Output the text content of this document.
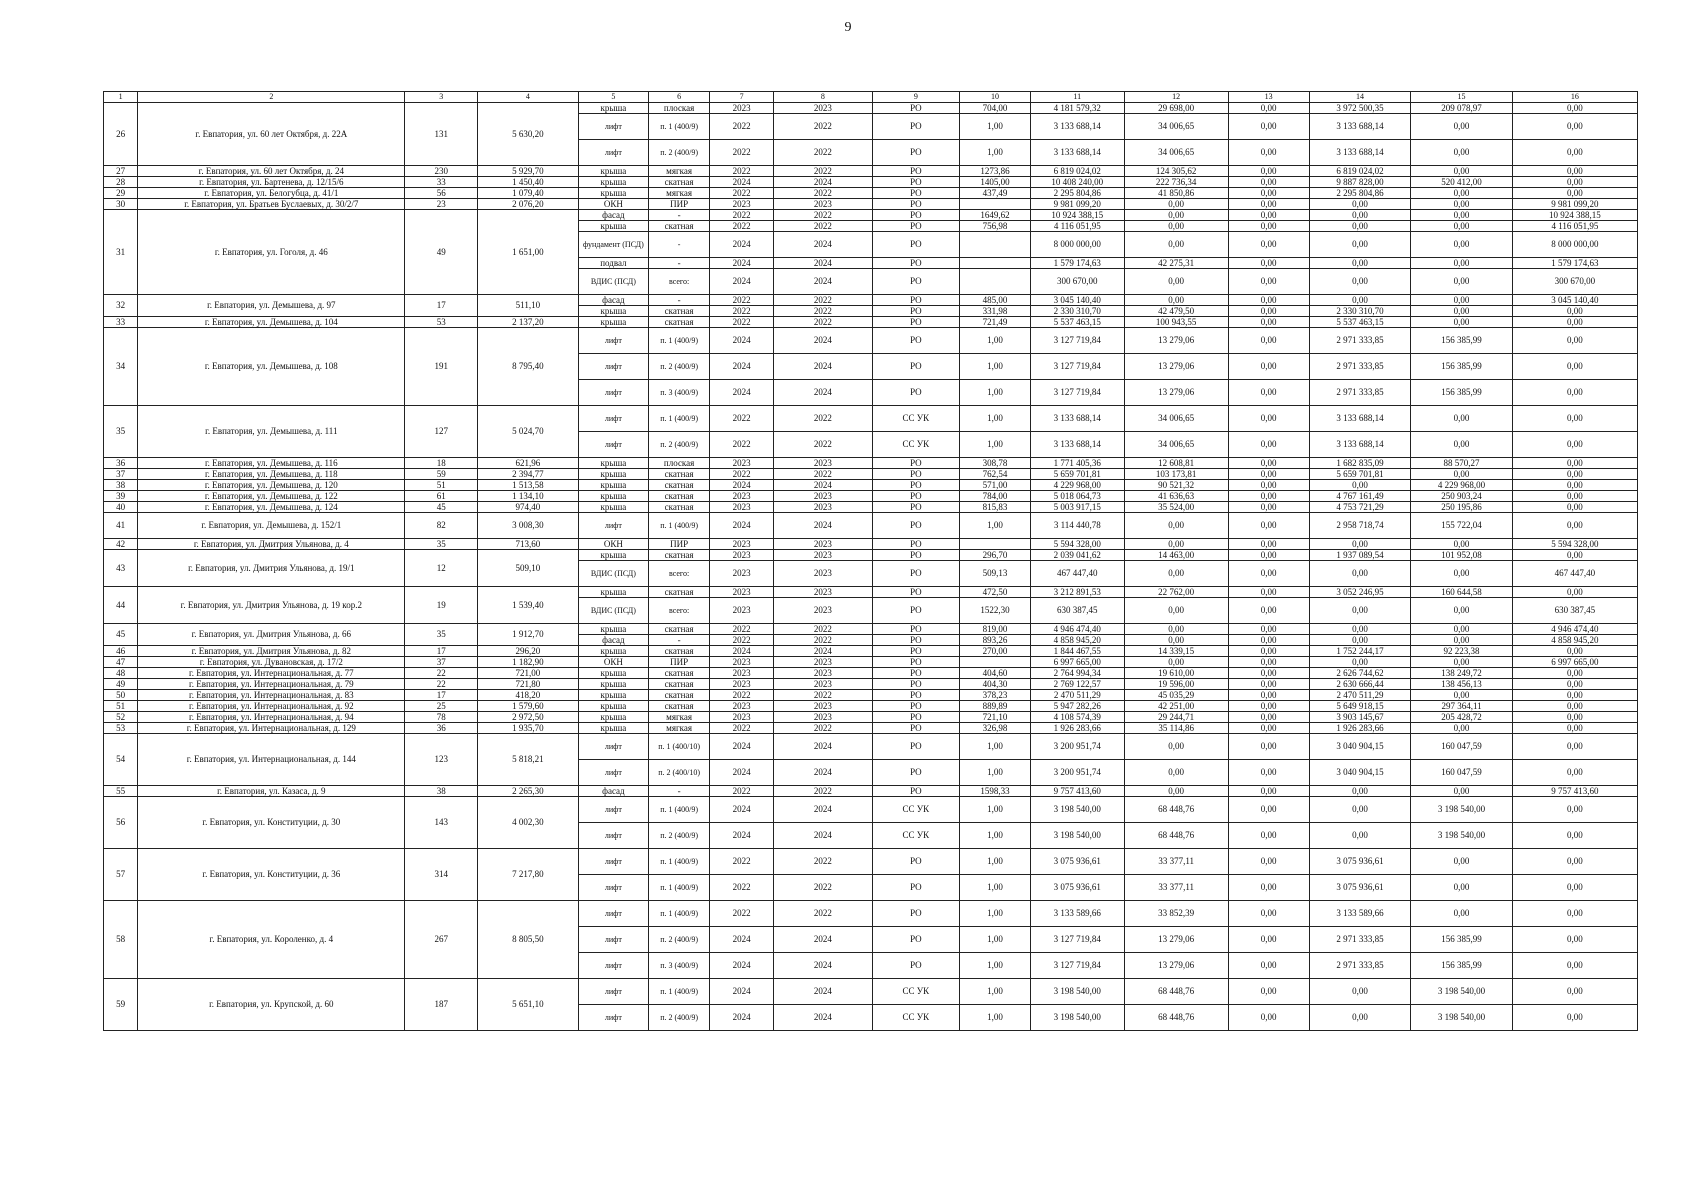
9
1	2	3	4	5	6	7	8	9	10	11	12	13	14	15	16
26	г. Евпатория, ул. 60 лет Октября, д. 22А	131	5 630,20	крыша	плоская	2023	2023	РО	704,00	4 181 579,32	29 698,00	0,00	3 972 500,35	209 078,97	0,00
				лифт	п. 1 (400/9)	2022	2022	РО	1,00	3 133 688,14	34 006,65	0,00	3 133 688,14	0,00	0,00
				лифт	п. 2 (400/9)	2022	2022	РО	1,00	3 133 688,14	34 006,65	0,00	3 133 688,14	0,00	0,00
27	г. Евпатория, ул. 60 лет Октября, д. 24	230	5 929,70	крыша	мягкая	2022	2022	РО	1273,86	6 819 024,02	124 305,62	0,00	6 819 024,02	0,00	0,00
28	г. Евпатория, ул. Бартенева, д. 12/15/6	33	1 450,40	крыша	скатная	2024	2024	РО	1405,00	10 408 240,00	222 736,34	0,00	9 887 828,00	520 412,00	0,00
29	г. Евпатория, ул. Белогубца, д. 41/1	56	1 079,40	крыша	мягкая	2022	2022	РО	437,49	2 295 804,86	41 850,86	0,00	2 295 804,86	0,00	0,00
30	г. Евпатория, ул. Братьев Буслаевых, д. 30/2/7	23	2 076,20	ОКН	ПИР	2023	2023	РО		9 981 099,20	0,00	0,00	0,00	0,00	9 981 099,20
31	г. Евпатория, ул. Гоголя, д. 46	49	1 651,00	фасад	-	2022	2022	РО	1649,62	10 924 388,15	0,00	0,00	0,00	0,00	10 924 388,15
				крыша	скатная	2022	2022	РО	756,98	4 116 051,95	0,00	0,00	0,00	0,00	4 116 051,95
				фундамент (ПСД)	-	2024	2024	РО		8 000 000,00	0,00	0,00	0,00	0,00	8 000 000,00
				подвал	-	2024	2024	РО		1 579 174,63	42 275,31	0,00	0,00	0,00	1 579 174,63
				ВДИС (ПСД)	всего:	2024	2024	РО		300 670,00	0,00	0,00	0,00	0,00	300 670,00
32	г. Евпатория, ул. Демышева, д. 97	17	511,10	фасад	-	2022	2022	РО	485,00	3 045 140,40	0,00	0,00	0,00	0,00	3 045 140,40
				крыша	скатная	2022	2022	РО	331,98	2 330 310,70	42 479,50	0,00	2 330 310,70	0,00	0,00
33	г. Евпатория, ул. Демышева, д. 104	53	2 137,20	крыша	скатная	2022	2022	РО	721,49	5 537 463,15	100 943,55	0,00	5 537 463,15	0,00	0,00
34	г. Евпатория, ул. Демышева, д. 108	191	8 795,40	лифт	п. 1 (400/9)	2024	2024	РО	1,00	3 127 719,84	13 279,06	0,00	2 971 333,85	156 385,99	0,00
				лифт	п. 2 (400/9)	2024	2024	РО	1,00	3 127 719,84	13 279,06	0,00	2 971 333,85	156 385,99	0,00
				лифт	п. 3 (400/9)	2024	2024	РО	1,00	3 127 719,84	13 279,06	0,00	2 971 333,85	156 385,99	0,00
35	г. Евпатория, ул. Демышева, д. 111	127	5 024,70	лифт	п. 1 (400/9)	2022	2022	СС УК	1,00	3 133 688,14	34 006,65	0,00	3 133 688,14	0,00	0,00
				лифт	п. 2 (400/9)	2022	2022	СС УК	1,00	3 133 688,14	34 006,65	0,00	3 133 688,14	0,00	0,00
36	г. Евпатория, ул. Демышева, д. 116	18	621,96	крыша	плоская	2023	2023	РО	308,78	1 771 405,36	12 608,81	0,00	1 682 835,09	88 570,27	0,00
37	г. Евпатория, ул. Демышева, д. 118	59	2 394,77	крыша	скатная	2022	2022	РО	762,54	5 659 701,81	103 173,81	0,00	5 659 701,81	0,00	0,00
38	г. Евпатория, ул. Демышева, д. 120	51	1 513,58	крыша	скатная	2024	2024	РО	571,00	4 229 968,00	90 521,32	0,00	0,00	4 229 968,00	0,00
39	г. Евпатория, ул. Демышева, д. 122	61	1 134,10	крыша	скатная	2023	2023	РО	784,00	5 018 064,73	41 636,63	0,00	4 767 161,49	250 903,24	0,00
40	г. Евпатория, ул. Демышева, д. 124	45	974,40	крыша	скатная	2023	2023	РО	815,83	5 003 917,15	35 524,00	0,00	4 753 721,29	250 195,86	0,00
41	г. Евпатория, ул. Демышева, д. 152/1	82	3 008,30	лифт	п. 1 (400/9)	2024	2024	РО	1,00	3 114 440,78	0,00	0,00	2 958 718,74	155 722,04	0,00
42	г. Евпатория, ул. Дмитрия Ульянова, д. 4	35	713,60	ОКН	ПИР	2023	2023	РО		5 594 328,00	0,00	0,00	0,00	0,00	5 594 328,00
43	г. Евпатория, ул. Дмитрия Ульянова, д. 19/1	12	509,10	крыша	скатная	2023	2023	РО	296,70	2 039 041,62	14 463,00	0,00	1 937 089,54	101 952,08	0,00
				ВДИС (ПСД)	всего:	2023	2023	РО	509,13	467 447,40	0,00	0,00	0,00	0,00	467 447,40
44	г. Евпатория, ул. Дмитрия Ульянова, д. 19 кор.2	19	1 539,40	крыша	скатная	2023	2023	РО	472,50	3 212 891,53	22 762,00	0,00	3 052 246,95	160 644,58	0,00
				ВДИС (ПСД)	всего:	2023	2023	РО	1522,30	630 387,45	0,00	0,00	0,00	0,00	630 387,45
45	г. Евпатория, ул. Дмитрия Ульянова, д. 66	35	1 912,70	крыша	скатная	2022	2022	РО	819,00	4 946 474,40	0,00	0,00	0,00	0,00	4 946 474,40
				фасад	-	2022	2022	РО	893,26	4 858 945,20	0,00	0,00	0,00	0,00	4 858 945,20
46	г. Евпатория, ул. Дмитрия Ульянова, д. 82	17	296,20	крыша	скатная	2024	2024	РО	270,00	1 844 467,55	14 339,15	0,00	1 752 244,17	92 223,38	0,00
47	г. Евпатория, ул. Дувановская, д. 17/2	37	1 182,90	ОКН	ПИР	2023	2023	РО		6 997 665,00	0,00	0,00	0,00	0,00	6 997 665,00
48	г. Евпатория, ул. Интернациональная, д. 77	22	721,00	крыша	скатная	2023	2023	РО	404,60	2 764 994,34	19 610,00	0,00	2 626 744,62	138 249,72	0,00
49	г. Евпатория, ул. Интернациональная, д. 79	22	721,80	крыша	скатная	2023	2023	РО	404,30	2 769 122,57	19 596,00	0,00	2 630 666,44	138 456,13	0,00
50	г. Евпатория, ул. Интернациональная, д. 83	17	418,20	крыша	скатная	2022	2022	РО	378,23	2 470 511,29	45 035,29	0,00	2 470 511,29	0,00	0,00
51	г. Евпатория, ул. Интернациональная, д. 92	25	1 579,60	крыша	скатная	2023	2023	РО	889,89	5 947 282,26	42 251,00	0,00	5 649 918,15	297 364,11	0,00
52	г. Евпатория, ул. Интернациональная, д. 94	78	2 972,50	крыша	мягкая	2023	2023	РО	721,10	4 108 574,39	29 244,71	0,00	3 903 145,67	205 428,72	0,00
53	г. Евпатория, ул. Интернациональная, д. 129	36	1 935,70	крыша	мягкая	2022	2022	РО	326,98	1 926 283,66	35 114,86	0,00	1 926 283,66	0,00	0,00
54	г. Евпатория, ул. Интернациональная, д. 144	123	5 818,21	лифт	п. 1 (400/10)	2024	2024	РО	1,00	3 200 951,74	0,00	0,00	3 040 904,15	160 047,59	0,00
				лифт	п. 2 (400/10)	2024	2024	РО	1,00	3 200 951,74	0,00	0,00	3 040 904,15	160 047,59	0,00
55	г. Евпатория, ул. Казаса, д. 9	38	2 265,30	фасад	-	2022	2022	РО	1598,33	9 757 413,60	0,00	0,00	0,00	0,00	9 757 413,60
56	г. Евпатория, ул. Конституции, д. 30	143	4 002,30	лифт	п. 1 (400/9)	2024	2024	СС УК	1,00	3 198 540,00	68 448,76	0,00	0,00	3 198 540,00	0,00
				лифт	п. 2 (400/9)	2024	2024	СС УК	1,00	3 198 540,00	68 448,76	0,00	0,00	3 198 540,00	0,00
57	г. Евпатория, ул. Конституции, д. 36	314	7 217,80	лифт	п. 1 (400/9)	2022	2022	РО	1,00	3 075 936,61	33 377,11	0,00	3 075 936,61	0,00	0,00
				лифт	п. 1 (400/9)	2022	2022	РО	1,00	3 075 936,61	33 377,11	0,00	3 075 936,61	0,00	0,00
58	г. Евпатория, ул. Короленко, д. 4	267	8 805,50	лифт	п. 1 (400/9)	2022	2022	РО	1,00	3 133 589,66	33 852,39	0,00	3 133 589,66	0,00	0,00
				лифт	п. 2 (400/9)	2024	2024	РО	1,00	3 127 719,84	13 279,06	0,00	2 971 333,85	156 385,99	0,00
				лифт	п. 3 (400/9)	2024	2024	РО	1,00	3 127 719,84	13 279,06	0,00	2 971 333,85	156 385,99	0,00
59	г. Евпатория, ул. Крупской, д. 60	187	5 651,10	лифт	п. 1 (400/9)	2024	2024	СС УК	1,00	3 198 540,00	68 448,76	0,00	0,00	3 198 540,00	0,00
				лифт	п. 2 (400/9)	2024	2024	СС УК	1,00	3 198 540,00	68 448,76	0,00	0,00	3 198 540,00	0,00
